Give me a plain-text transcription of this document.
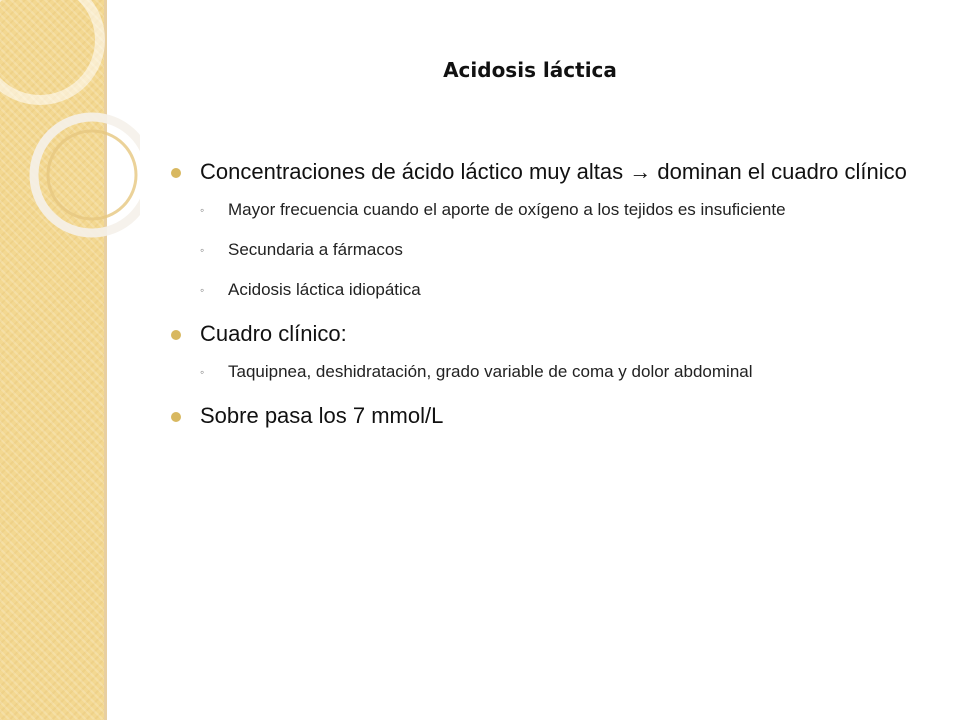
Acidosis láctica
Concentraciones de ácido láctico muy altas → dominan el cuadro clínico
◦ Mayor frecuencia cuando el aporte de oxígeno a los tejidos es insuficiente
◦ Secundaria a fármacos
◦ Acidosis láctica idiopática
Cuadro clínico:
◦ Taquipnea, deshidratación, grado variable de coma y dolor abdominal
Sobre pasa los 7 mmol/L
